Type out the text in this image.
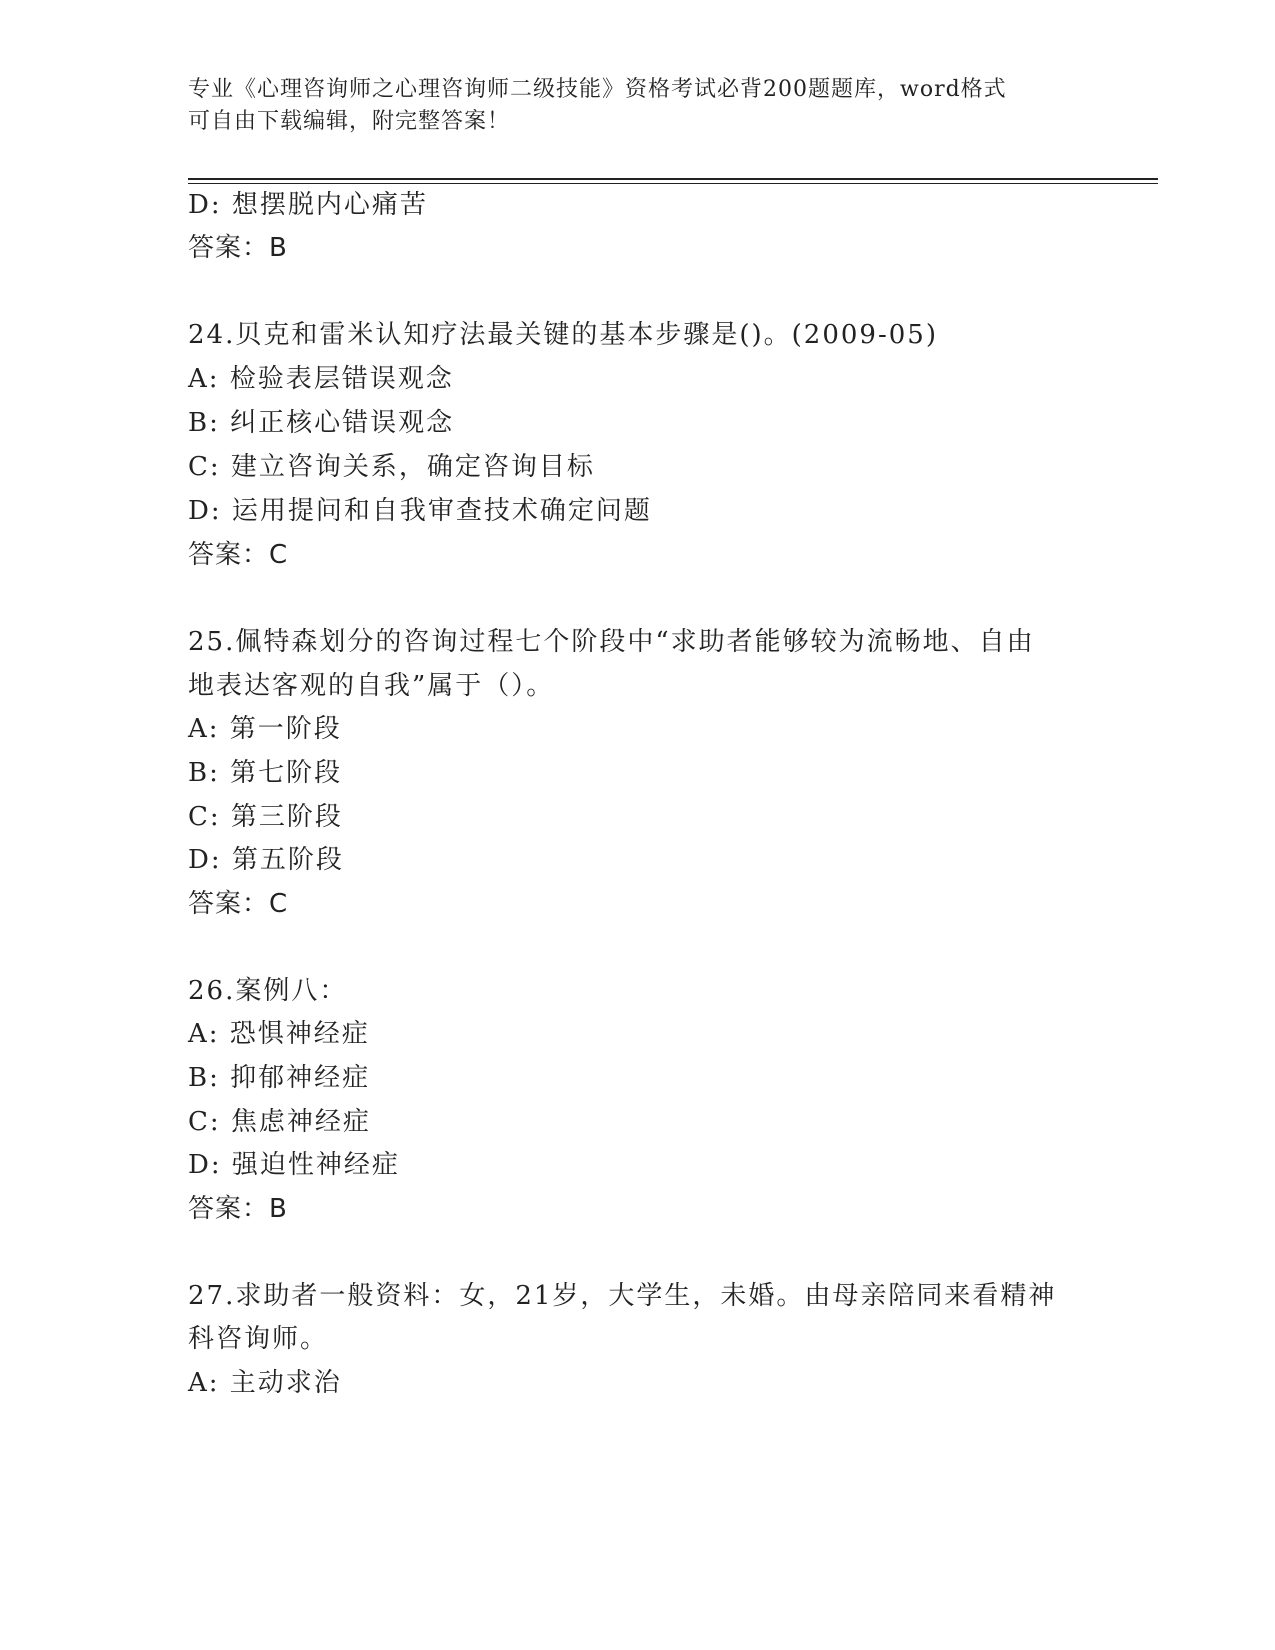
专业《心理咨询师之心理咨询师二级技能》资格考试必背200题题库，word格式
可自由下载编辑，附完整答案！
D: 想摆脱内心痛苦
答案：B
24.贝克和雷米认知疗法最关键的基本步骤是()。(2009-05)
A: 检验表层错误观念
B: 纠正核心错误观念
C: 建立咨询关系，确定咨询目标
D: 运用提问和自我审查技术确定问题
答案：C
25.佩特森划分的咨询过程七个阶段中“求助者能够较为流畅地、自由
地表达客观的自我”属于（）。
A: 第一阶段
B: 第七阶段
C: 第三阶段
D: 第五阶段
答案：C
26.案例八：
A: 恐惧神经症
B: 抑郁神经症
C: 焦虑神经症
D: 强迫性神经症
答案：B
27.求助者一般资料：女，21岁，大学生，未婚。由母亲陪同来看精神
科咨询师。
A: 主动求治
